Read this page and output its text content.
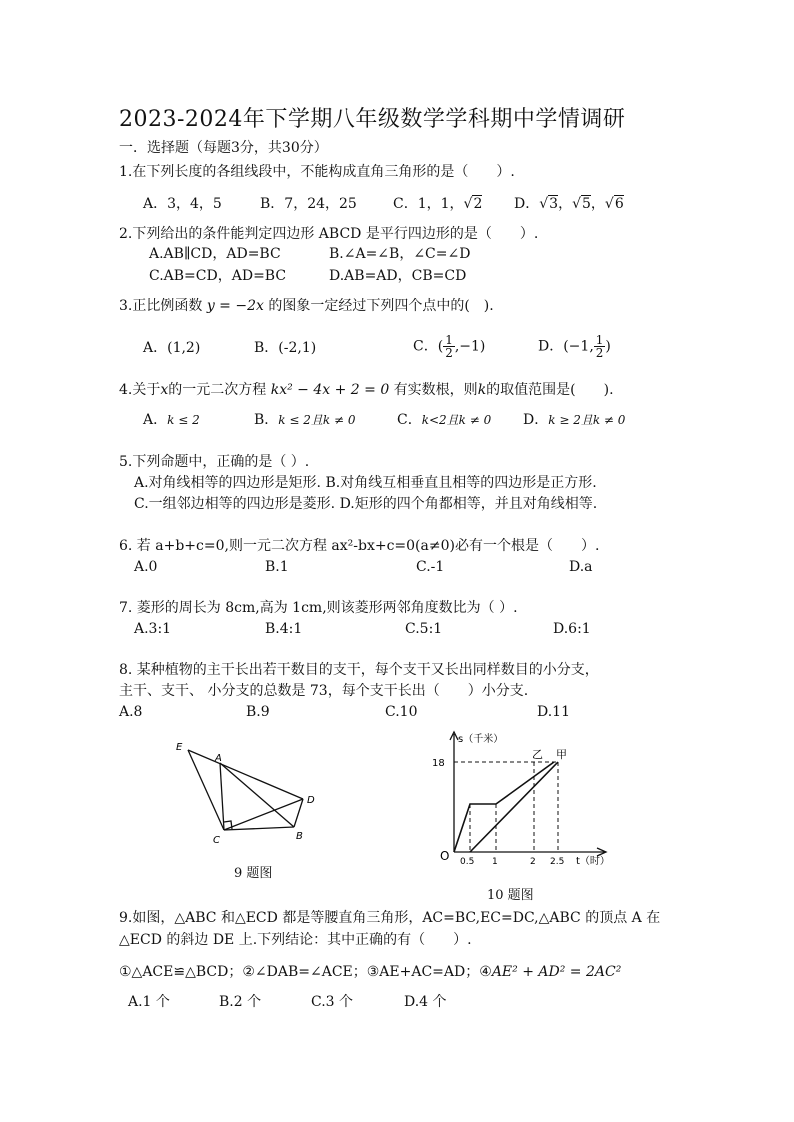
2023-2024年下学期八年级数学学科期中学情调研
一．选择题（每题3分，共30分）
1.在下列长度的各组线段中，不能构成直角三角形的是（　　）.
A．3，4，5	B．7，24，25	C．1，1，√2 D．√3，√5，√6
2.下列给出的条件能判定四边形 ABCD 是平行四边形的是（　　）.
A.AB∥CD，AD=BC	B.∠A=∠B，∠C=∠D
C.AB=CD，AD=BC	D.AB=AD，CB=CD
3.正比例函数 y = −2x 的图象一定经过下列四个点中的(　).
A．(1,2)	B．(-2,1)	C．( $\frac{1}{2} ,-1$)	D．(−1, $\frac{1}{2}$ )
4.关于x的一元二次方程 kx² − 4x + 2 = 0 有实数根，则k的取值范围是(　　).
A．k ≤ 2	B．k ≤ 2且k ≠ 0	C．k<2且k ≠ 0 D．k ≥ 2且k ≠ 0
5.下列命题中，正确的是（ ）.
A.对角线相等的四边形是矩形. B.对角线互相垂直且相等的四边形是正方形.
C.一组邻边相等的四边形是菱形. D.矩形的四个角都相等，并且对角线相等.
6. 若 a+b+c=0,则一元二次方程 ax²-bx+c=0(a≠0)必有一个根是（　　）.
A.0	B.1	C.-1	D.a
7. 菱形的周长为 8cm,高为 1cm,则该菱形两邻角度数比为（ ）.
A.3:1	B.4:1	C.5:1	D.6:1
8. 某种植物的主干长出若干数目的支干，每个支干又长出同样数目的小分支，
主干、支干、 小分支的总数是 73，每个支干长出（　　）小分支.
A.8	B.9	C.10	D.11
E
A
D
C	B
9 题图
s（千米）
18
O 0.5 1	2 2.5 t（时）
乙 甲
10 题图
9.如图，△ABC 和△ECD 都是等腰直角三角形，AC=BC,EC=DC,△ABC 的顶点 A 在
△ECD 的斜边 DE 上.下列结论：其中正确的有（　　）.
①△ACE≌△BCD；②∠DAB=∠ACE；③AE+AC=AD；④AE² + AD² = 2AC²
A.1 个	B.2 个	C.3 个	D.4 个
